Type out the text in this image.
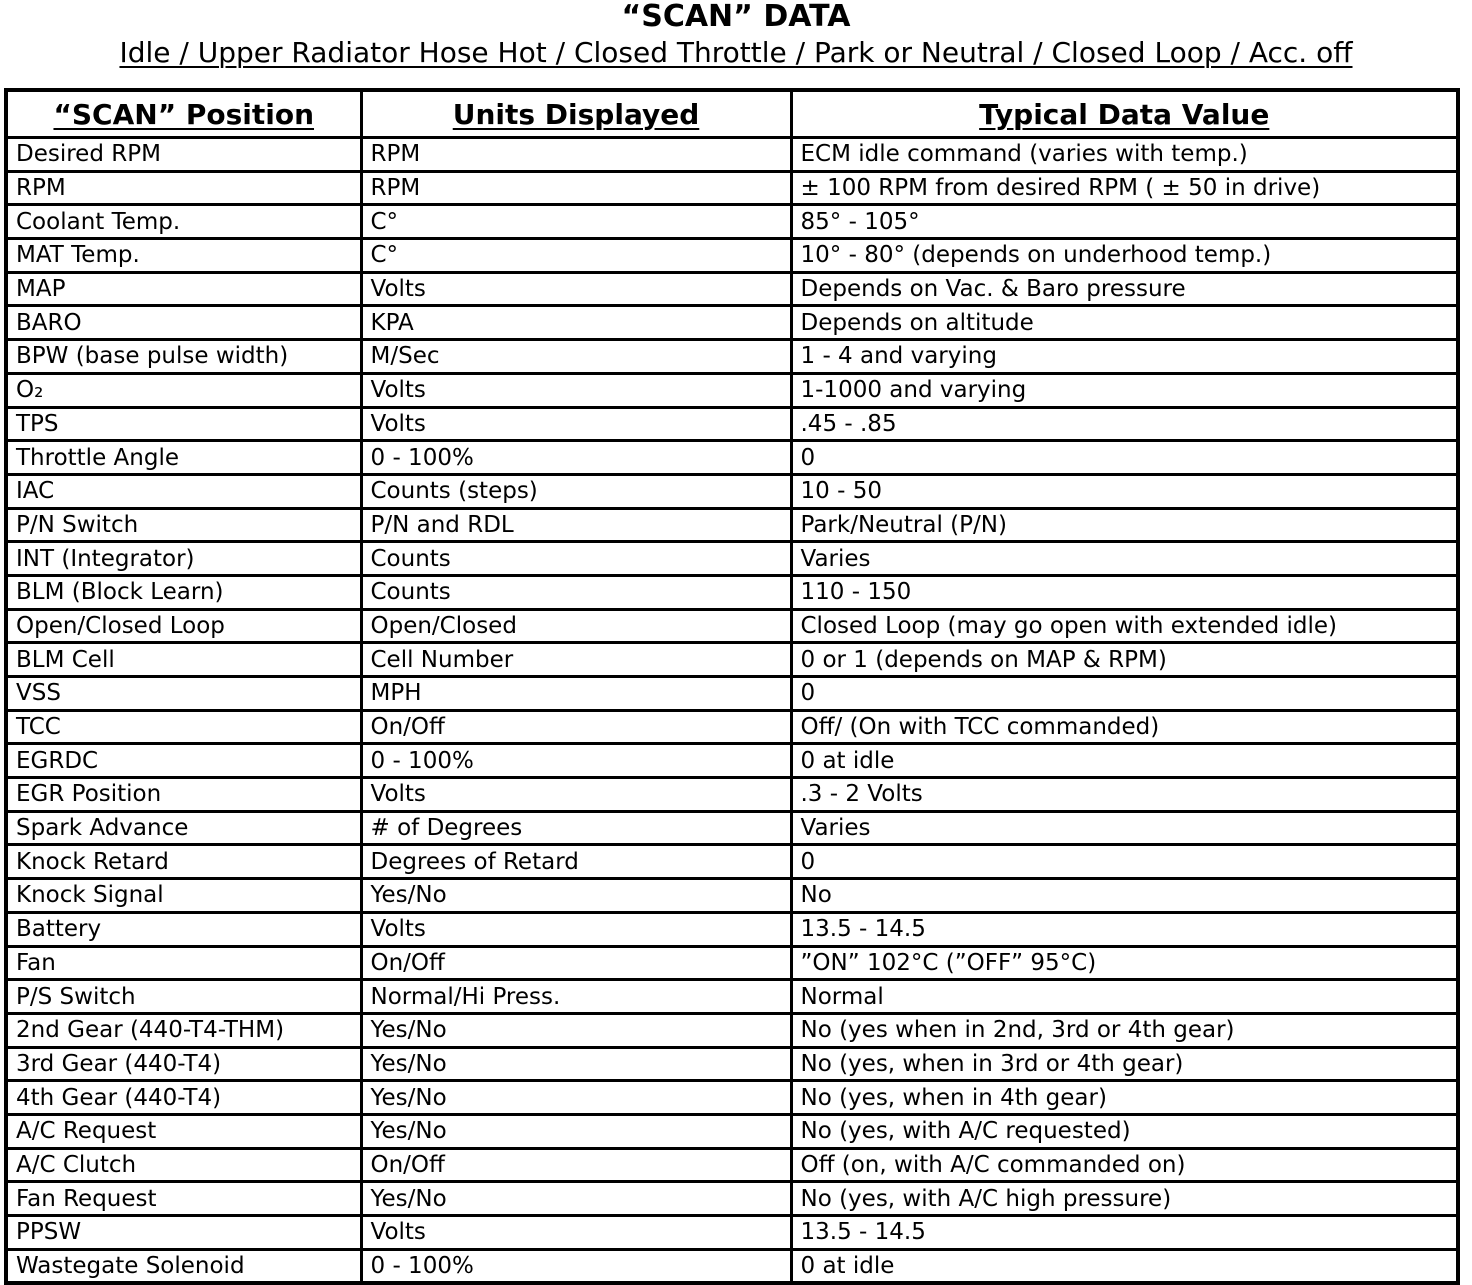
“SCAN” DATA
Idle / Upper Radiator Hose Hot / Closed Throttle / Park or Neutral / Closed Loop / Acc. off
“SCAN” Position	Units Displayed	Typical Data Value
Desired RPM	RPM	ECM idle command (varies with temp.)
RPM	RPM	± 100 RPM from desired RPM ( ± 50 in drive)
Coolant Temp.	C°	85° - 105°
MAT Temp.	C°	10° - 80° (depends on underhood temp.)
MAP	Volts	Depends on Vac. & Baro pressure
BARO	KPA	Depends on altitude
BPW (base pulse width)	M/Sec	1 - 4 and varying
O₂	Volts	1-1000 and varying
TPS	Volts	.45 - .85
Throttle Angle	0 - 100%	0
IAC	Counts (steps)	10 - 50
P/N Switch	P/N and RDL	Park/Neutral (P/N)
INT (Integrator)	Counts	Varies
BLM (Block Learn)	Counts	110 - 150
Open/Closed Loop	Open/Closed	Closed Loop (may go open with extended idle)
BLM Cell	Cell Number	0 or 1 (depends on MAP & RPM)
VSS	MPH	0
TCC	On/Off	Off/ (On with TCC commanded)
EGRDC	0 - 100%	0 at idle
EGR Position	Volts	.3 - 2 Volts
Spark Advance	# of Degrees	Varies
Knock Retard	Degrees of Retard	0
Knock Signal	Yes/No	No
Battery	Volts	13.5 - 14.5
Fan	On/Off	”ON” 102°C (”OFF” 95°C)
P/S Switch	Normal/Hi Press.	Normal
2nd Gear (440-T4-THM)	Yes/No	No (yes when in 2nd, 3rd or 4th gear)
3rd Gear (440-T4)	Yes/No	No (yes, when in 3rd or 4th gear)
4th Gear (440-T4)	Yes/No	No (yes, when in 4th gear)
A/C Request	Yes/No	No (yes, with A/C requested)
A/C Clutch	On/Off	Off (on, with A/C commanded on)
Fan Request	Yes/No	No (yes, with A/C high pressure)
PPSW	Volts	13.5 - 14.5
Wastegate Solenoid	0 - 100%	0 at idle
